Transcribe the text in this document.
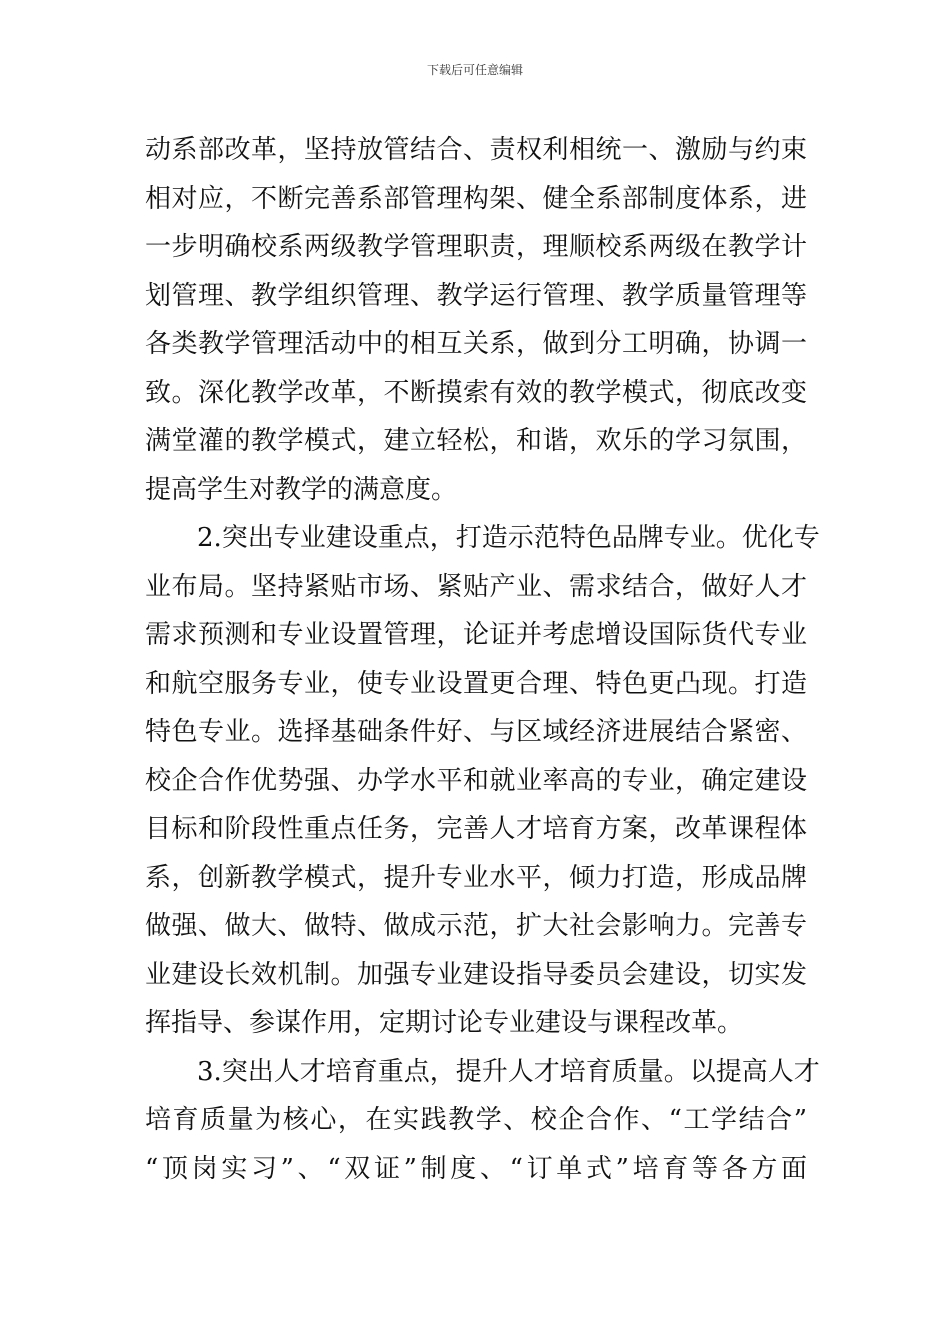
下载后可任意编辑
动系部改革，坚持放管结合、责权利相统一、激励与约束
相对应，不断完善系部管理构架、健全系部制度体系，进
一步明确校系两级教学管理职责，理顺校系两级在教学计
划管理、教学组织管理、教学运行管理、教学质量管理等
各类教学管理活动中的相互关系，做到分工明确，协调一
致。深化教学改革，不断摸索有效的教学模式，彻底改变
满堂灌的教学模式，建立轻松，和谐，欢乐的学习氛围，
提高学生对教学的满意度。
2.突出专业建设重点，打造示范特色品牌专业。优化专
业布局。坚持紧贴市场、紧贴产业、需求结合，做好人才
需求预测和专业设置管理，论证并考虑增设国际货代专业
和航空服务专业，使专业设置更合理、特色更凸现。打造
特色专业。选择基础条件好、与区域经济进展结合紧密、
校企合作优势强、办学水平和就业率高的专业，确定建设
目标和阶段性重点任务，完善人才培育方案，改革课程体
系，创新教学模式，提升专业水平，倾力打造，形成品牌
做强、做大、做特、做成示范，扩大社会影响力。完善专
业建设长效机制。加强专业建设指导委员会建设，切实发
挥指导、参谋作用，定期讨论专业建设与课程改革。
3.突出人才培育重点，提升人才培育质量。以提高人才
培育质量为核心，在实践教学、校企合作、“工学结合”
“顶岗实习”、“双证”制度、“订单式”培育等各方面
